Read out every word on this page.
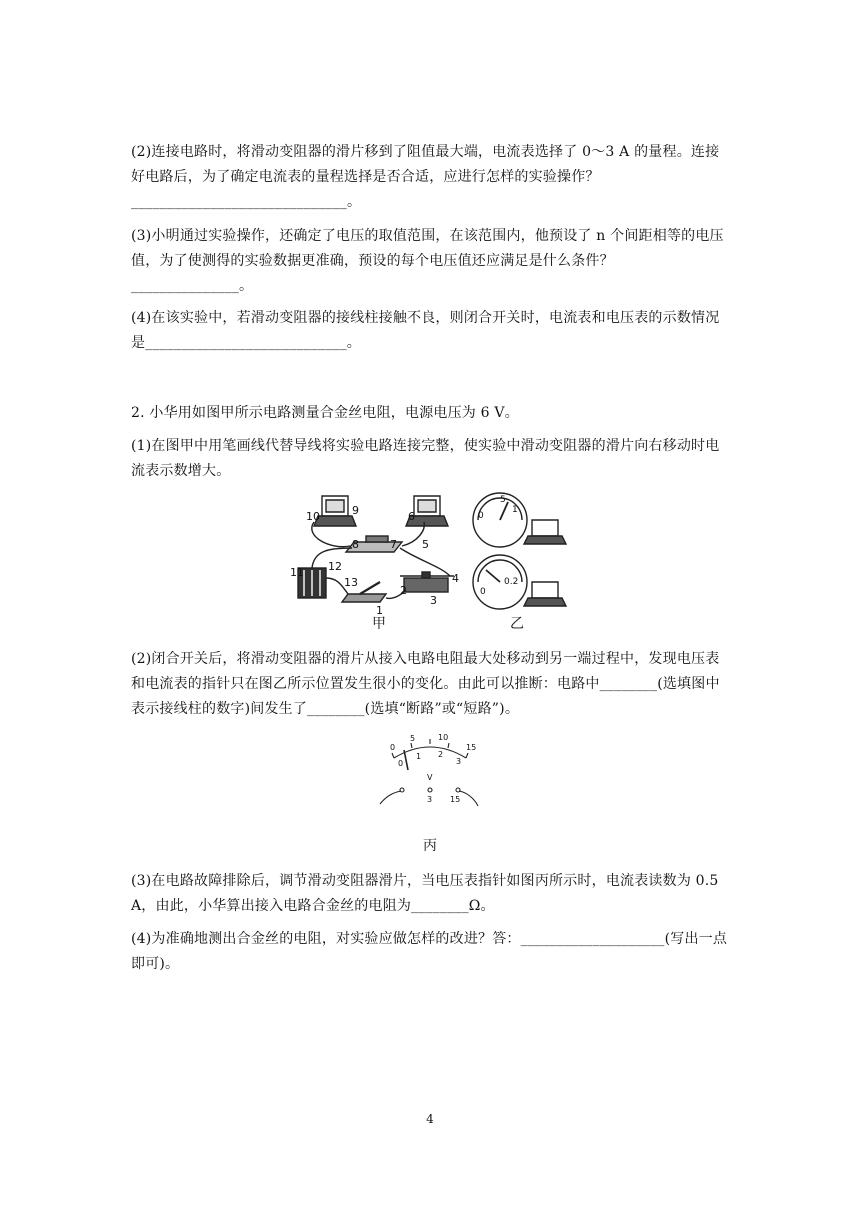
(2)连接电路时，将滑动变阻器的滑片移到了阻值最大端，电流表选择了 0～3 A 的量程。连接好电路后，为了确定电流表的量程选择是否合适，应进行怎样的实验操作？______________________________。

(3)小明通过实验操作，还确定了电压的取值范围，在该范围内，他预设了 n 个间距相等的电压值，为了使测得的实验数据更准确，预设的每个电压值还应满足是什么条件？_______________。

(4)在该实验中，若滑动变阻器的接线柱接触不良，则闭合开关时，电流表和电压表的示数情况是____________________________。

2. 小华用如图甲所示电路测量合金丝电阻，电源电压为 6 V。

(1)在图甲中用笔画线代替导线将实验电路连接完整，使实验中滑动变阻器的滑片向右移动时电流表示数增大。

10	9	6
8	7 5
11 12
13
1
2
3
4
0
5
1
0
0.2
甲	乙

(2)闭合开关后，将滑动变阻器的滑片从接入电路电阻最大处移动到另一端过程中，发现电压表和电流表的指针只在图乙所示位置发生很小的变化。由此可以推断：电路中________(选填图中表示接线柱的数字)间发生了________(选填“断路”或“短路”)。

0
5	10
15
0
1 2
3
V
3 15
丙

(3)在电路故障排除后，调节滑动变阻器滑片，当电压表指针如图丙所示时，电流表读数为 0.5 A，由此，小华算出接入电路合金丝的电阻为________Ω。

(4)为准确地测出合金丝的电阻，对实验应做怎样的改进？答：____________________(写出一点即可)。

4
